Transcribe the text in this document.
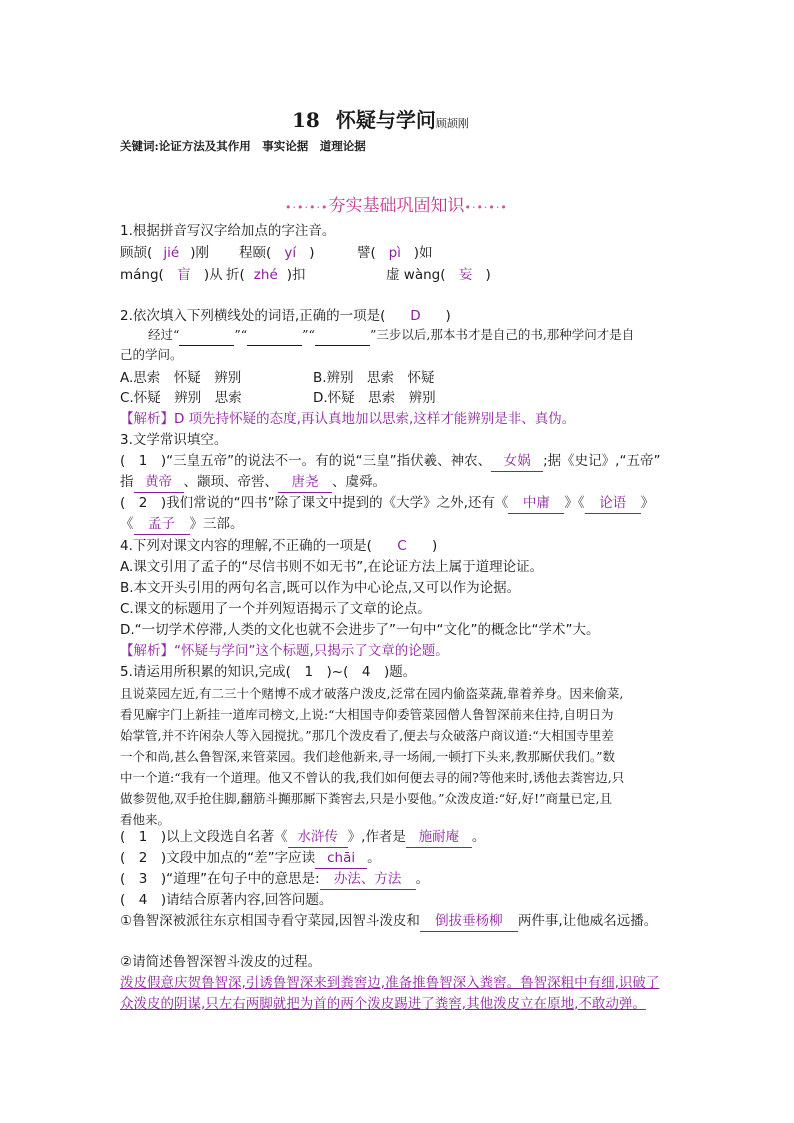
18 怀疑与学问顾颉刚
关键词:论证方法及其作用　事实论据　道理论据
•·•·•·•夯实基础巩固知识•·•·•·•
1.根据拼音写汉字给加点的字注音。
顾颉( jié )刚 程颐( yí )	譬( pì )如
máng( 盲 )从 折( zhé )扣	虚 wàng( 妄 )
2.依次填入下列横线处的词语,正确的一项是( D )
经过“	”“	”“	”三步以后,那本书才是自己的书,那种学问才是自
己的学问。
A.思索　怀疑　辨别	B.辨别　思索　怀疑
C.怀疑　辨别　思索	D.怀疑　思索　辨别
【解析】D 项先持怀疑的态度,再认真地加以思索,这样才能辨别是非、真伪。
3.文学常识填空。
(　1　)“三皇五帝”的说法不一。有的说“三皇”指伏羲、神农、 女娲 ;据《史记》,“五帝”
指 黄帝 、颛顼、帝喾、 唐尧 、虞舜。
(　2　)我们常说的“四书”除了课文中提到的《大学》之外,还有《 中庸 》《 论语 》
《 孟子 》三部。
4.下列对课文内容的理解,不正确的一项是( C )
A.课文引用了孟子的“尽信书则不如无书”,在论证方法上属于道理论证。
B.本文开头引用的两句名言,既可以作为中心论点,又可以作为论据。
C.课文的标题用了一个并列短语揭示了文章的论点。
D.“一切学术停滞,人类的文化也就不会进步了”一句中“文化”的概念比“学术”大。
【解析】“怀疑与学问”这个标题,只揭示了文章的论题。
5.请运用所积累的知识,完成(　1　)~(　4　)题。
且说菜园左近,有二三十个赌博不成才破落户泼皮,泛常在园内偷盗菜蔬,靠着养身。因来偷菜,
看见廨宇门上新挂一道库司榜文,上说:“大相国寺仰委管菜园僧人鲁智深前来住持,自明日为
始掌管,并不许闲杂人等入园搅扰。”那几个泼皮看了,便去与众破落户商议道:“大相国寺里差
一个和尚,甚么鲁智深,来管菜园。我们趁他新来,寻一场闹,一顿打下头来,教那厮伏我们。”数
中一个道:“我有一个道理。他又不曾认的我,我们如何便去寻的闹?等他来时,诱他去粪窖边,只
做参贺他,双手抢住脚,翻筋斗攧那厮下粪窖去,只是小耍他。”众泼皮道:“好,好!”商量已定,且
看他来。
(　1　)以上文段选自名著《 水浒传 》,作者是 施耐庵 。
(　2　)文段中加点的“差”字应读 chāi 。
(　3　)“道理”在句子中的意思是: 办法、方法 。
(　4　)请结合原著内容,回答问题。
①鲁智深被派往东京相国寺看守菜园,因智斗泼皮和 倒拔垂杨柳 两件事,让他威名远播。
②请简述鲁智深智斗泼皮的过程。
泼皮假意庆贺鲁智深,引诱鲁智深来到粪窖边,准备推鲁智深入粪窖。鲁智深粗中有细,识破了
众泼皮的阴谋,只左右两脚就把为首的两个泼皮踢进了粪窖,其他泼皮立在原地,不敢动弹。
